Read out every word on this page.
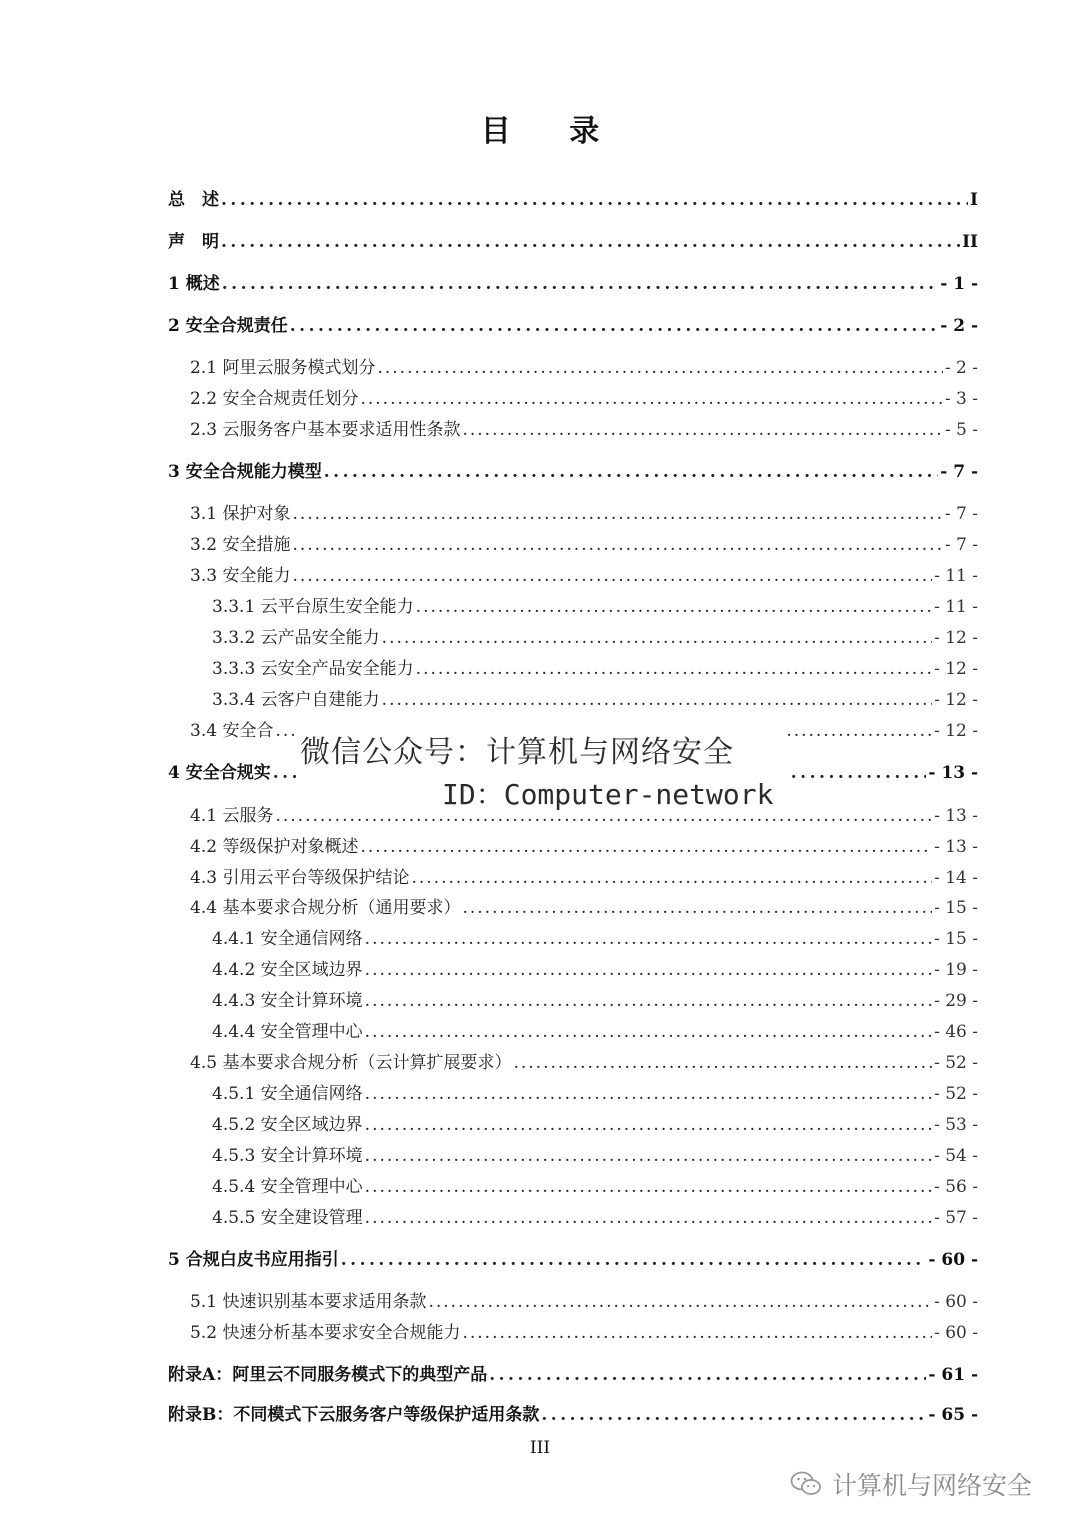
目 录
总　述 .....	I
声　明 .....	II
1 概述 .....	- 1 -
2 安全合规责任 .....	- 2 -
2.1 阿里云服务模式划分 .....	- 2 -
2.2 安全合规责任划分 .....	- 3 -
2.3 云服务客户基本要求适用性条款 .....	- 5 -
3 安全合规能力模型 .....	- 7 -
3.1 保护对象 .....	- 7 -
3.2 安全措施 .....	- 7 -
3.3 安全能力 .....	- 11 -
3.3.1 云平台原生安全能力 .....	- 11 -
3.3.2 云产品安全能力 .....	- 12 -
3.3.3 云安全产品安全能力 .....	- 12 -
3.3.4 云客户自建能力 .....	- 12 -
3.4 安全合 .....	- 12 -
4 安全合规实 .....	- 13 -
4.1 云服务 .....	- 13 -
4.2 等级保护对象概述 .....	- 13 -
4.3 引用云平台等级保护结论 .....	- 14 -
4.4 基本要求合规分析（通用要求） .....	- 15 -
4.4.1 安全通信网络 .....	- 15 -
4.4.2 安全区域边界 .....	- 19 -
4.4.3 安全计算环境 .....	- 29 -
4.4.4 安全管理中心 .....	- 46 -
4.5 基本要求合规分析（云计算扩展要求） .....	- 52 -
4.5.1 安全通信网络 .....	- 52 -
4.5.2 安全区域边界 .....	- 53 -
4.5.3 安全计算环境 .....	- 54 -
4.5.4 安全管理中心 .....	- 56 -
4.5.5 安全建设管理 .....	- 57 -
5 合规白皮书应用指引 .....	- 60 -
5.1 快速识别基本要求适用条款 .....	- 60 -
5.2 快速分析基本要求安全合规能力 .....	- 60 -
附录A：阿里云不同服务模式下的典型产品 .....	- 61 -
附录B：不同模式下云服务客户等级保护适用条款 .....	- 65 -
微信公众号：计算机与网络安全
ID：Computer-network
III
计算机与网络安全
